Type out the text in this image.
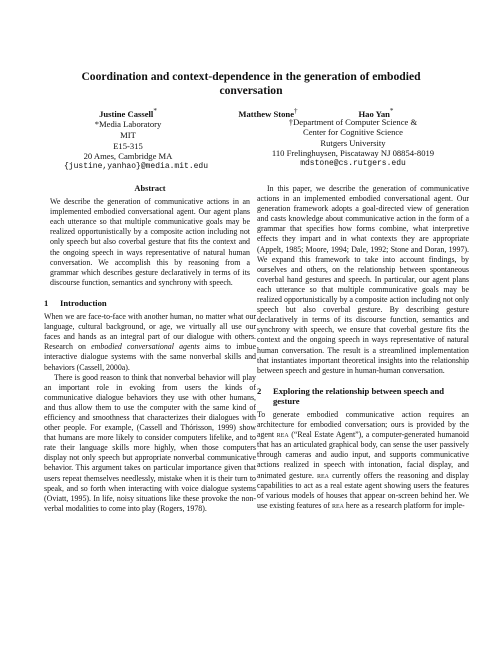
Coordination and context-dependence in the generation of embodied conversation
Justine Cassell*
*Media Laboratory
MIT
E15-315
20 Ames, Cambridge MA
{justine,yanhao}@media.mit.edu
Matthew Stone†	Hao Yan*
†Department of Computer Science &
Center for Cognitive Science
Rutgers University
110 Frelinghuysen, Piscataway NJ 08854-8019
mdstone@cs.rutgers.edu
Abstract

We describe the generation of communicative actions in an implemented embodied conversational agent. Our agent plans each utterance so that multiple communicative goals may be realized opportunistically by a composite action including not only speech but also coverbal gesture that fits the context and the ongoing speech in ways representative of natural human conversation. We accomplish this by reasoning from a grammar which describes gesture declaratively in terms of its discourse function, semantics and synchrony with speech.

1 Introduction

When we are face-to-face with another human, no matter what our language, cultural background, or age, we virtually all use our faces and hands as an integral part of our dialogue with others. Research on embodied conversational agents aims to imbue interactive dialogue systems with the same nonverbal skills and behaviors (Cassell, 2000a).

There is good reason to think that nonverbal behavior will play an important role in evoking from users the kinds of communicative dialogue behaviors they use with other humans, and thus allow them to use the computer with the same kind of efficiency and smoothness that characterizes their dialogues with other people. For example, (Cassell and Thórisson, 1999) show that humans are more likely to consider computers lifelike, and to rate their language skills more highly, when those computers display not only speech but appropriate nonverbal communicative behavior. This argument takes on particular importance given that users repeat themselves needlessly, mistake when it is their turn to speak, and so forth when interacting with voice dialogue systems (Oviatt, 1995). In life, noisy situations like these provoke the non-verbal modalities to come into play (Rogers, 1978).

In this paper, we describe the generation of communicative actions in an implemented embodied conversational agent. Our generation framework adopts a goal-directed view of generation and casts knowledge about communicative action in the form of a grammar that specifies how forms combine, what interpretive effects they impart and in what contexts they are appropriate (Appelt, 1985; Moore, 1994; Dale, 1992; Stone and Doran, 1997). We expand this framework to take into account findings, by ourselves and others, on the relationship between spontaneous coverbal hand gestures and speech. In particular, our agent plans each utterance so that multiple communicative goals may be realized opportunistically by a composite action including not only speech but also coverbal gesture. By describing gesture declaratively in terms of its discourse function, semantics and synchrony with speech, we ensure that coverbal gesture fits the context and the ongoing speech in ways representative of natural human conversation. The result is a streamlined implementation that instantiates important theoretical insights into the relationship between speech and gesture in human-human conversation.

2	Exploring the relationship between speech and gesture

To generate embodied communicative action requires an architecture for embodied conversation; ours is provided by the agent rea (“Real Estate Agent”), a computer-generated humanoid that has an articulated graphical body, can sense the user passively through cameras and audio input, and supports communicative actions realized in speech with intonation, facial display, and animated gesture. rea currently offers the reasoning and display capabilities to act as a real estate agent showing users the features of various models of houses that appear on-screen behind her. We use existing features of rea here as a research platform for imple-
